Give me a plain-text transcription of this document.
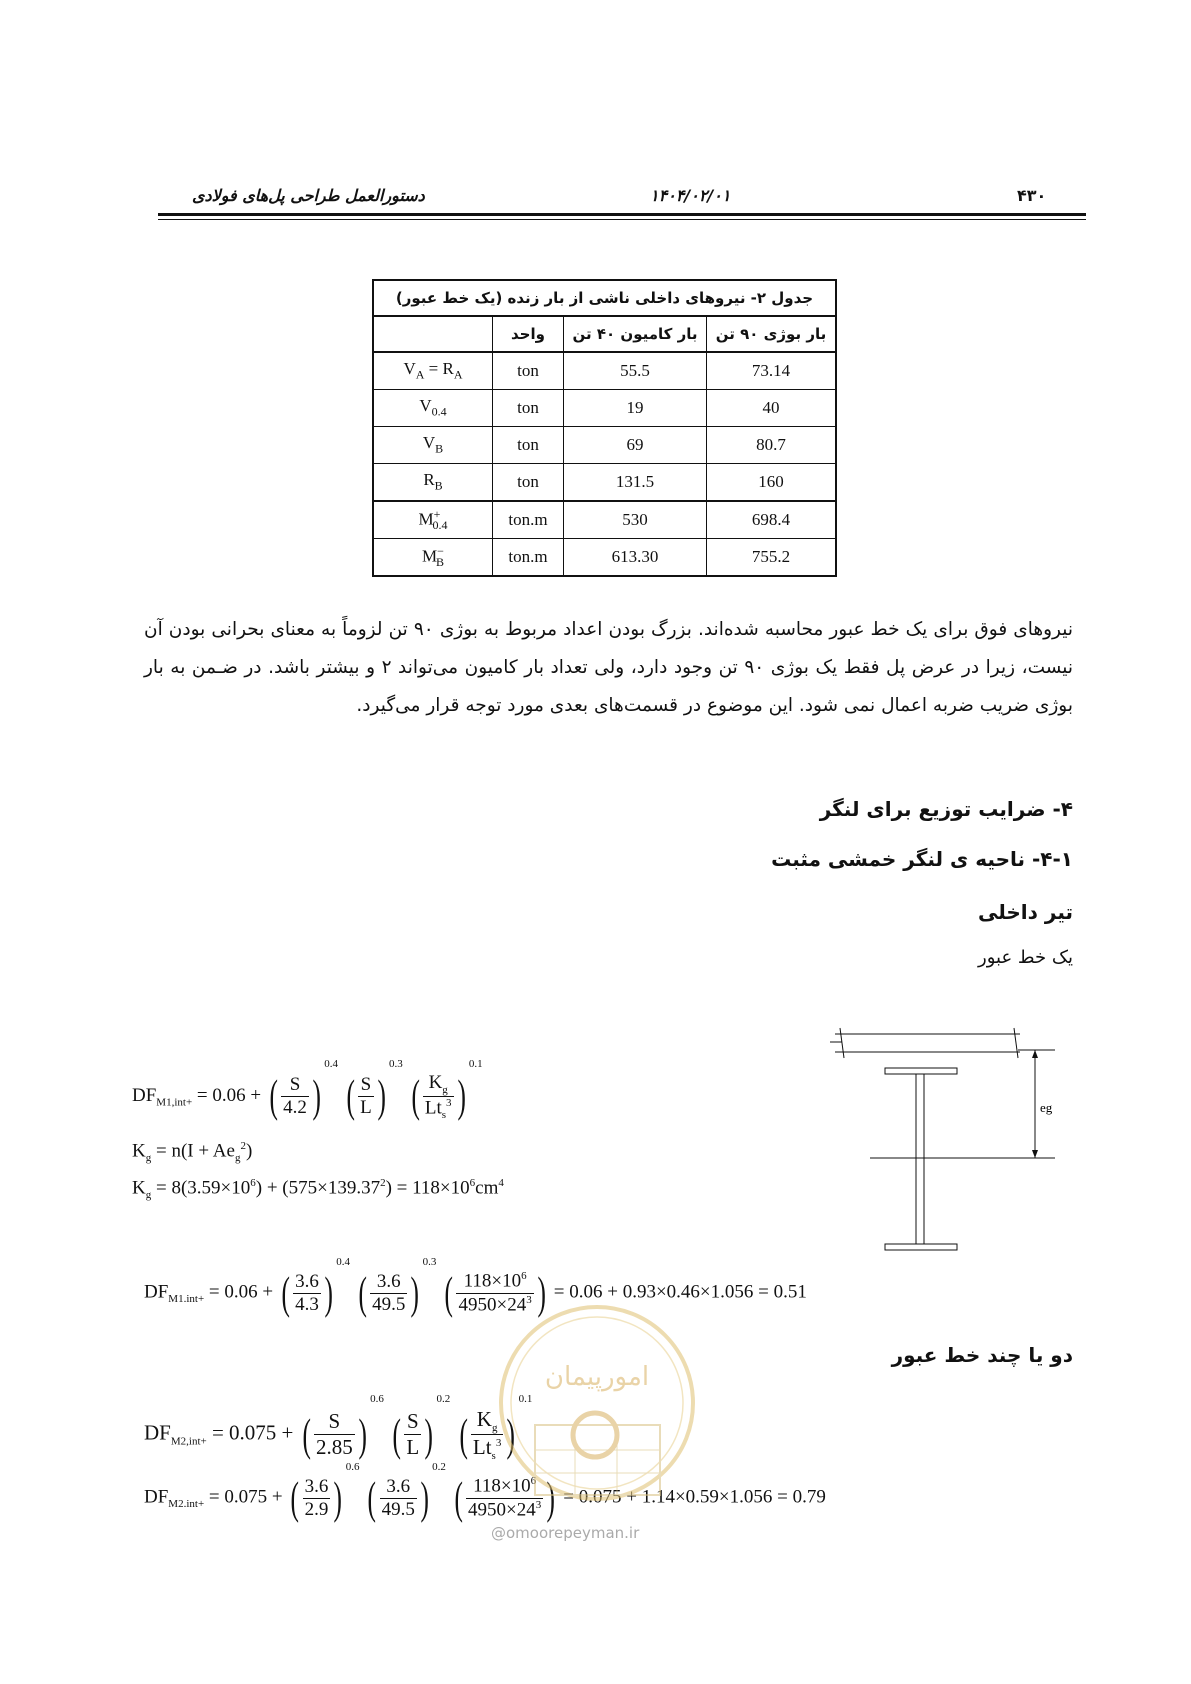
۴۳۰
۱۴۰۴/۰۲/۰۱
دستورالعمل طراحی پل‌های فولادی
جدول ۲- نیروهای داخلی ناشی از بار زنده (یک خط عبور)			
بار بوژی ۹۰ تن	بار کامیون ۴۰ تن	واحد	
73.14	55.5	ton	$V_A = R_A$
40	19	ton	$V_{0.4}$
80.7	69	ton	$V_B$
160	131.5	ton	$R_B$
698.4	530	ton.m	$M^+_{0.4}$
755.2	613.30	ton.m	$M^-_B$
نیروهای فوق برای یک خط عبور محاسبه شده‌اند. بزرگ بودن اعداد مربوط به بوژی ۹۰ تن لزوماً به معنای بحرانی بودن آن نیست، زیرا در عرض پل فقط یک بوژی ۹۰ تن وجود دارد، ولی تعداد بار کامیون می‌تواند ۲ و بیشتر باشد. در ضـمن به بار بوژی ضریب ضربه اعمال نمی شود. این موضوع در قسمت‌های بعدی مورد توجه قرار می‌گیرد.
۴- ضرایب توزیع برای لنگر
۴-۱- ناحیه ی لنگر خمشی مثبت
تیر داخلی
یک خط عبور
دو یا چند خط عبور
eg
$DF_{M1,int+} = 0.06$ + ( $\frac{S}{4.2} )^{0.4}$ ( $\frac{S}{L} )^{0.3}$ ( $\frac{K_g}{Lt_s^3} )^{0.1}$
$K_g = n(I + Ae_g^2)$
$K_g = 8(3.59\times 10^6) + (575\times 139.37^2) = 118\times 10^6cm^4$
$DF_{M1.int+} = 0.06$ + ( $\frac{3.6}{4.3} )^{0.4}$ ( $\frac{3.6}{49.5} )^{0.3}$ ( $\frac{118\times 10^6}{4950\times 24^3}$ ) = 0.06 + 0.93×0.46×1.056 = 0.51
$DF_{M2,int+} = 0.075$ + ( $\frac{S}{2.85} )^{0.6}$ ( $\frac{S}{L} )^{0.2}$ ( $\frac{K_g}{Lt_s^3} )^{0.1}$
$DF_{M2.int+} = 0.075$ + ( $\frac{3.6}{2.9} )^{0.6}$ ( $\frac{3.6}{49.5} )^{0.2}$ ( $\frac{118\times 10^6}{4950\times 24^3}$ ) = 0.075 + 1.14×0.59×1.056 = 0.79
امورپیمان
@omoorepeyman.ir
